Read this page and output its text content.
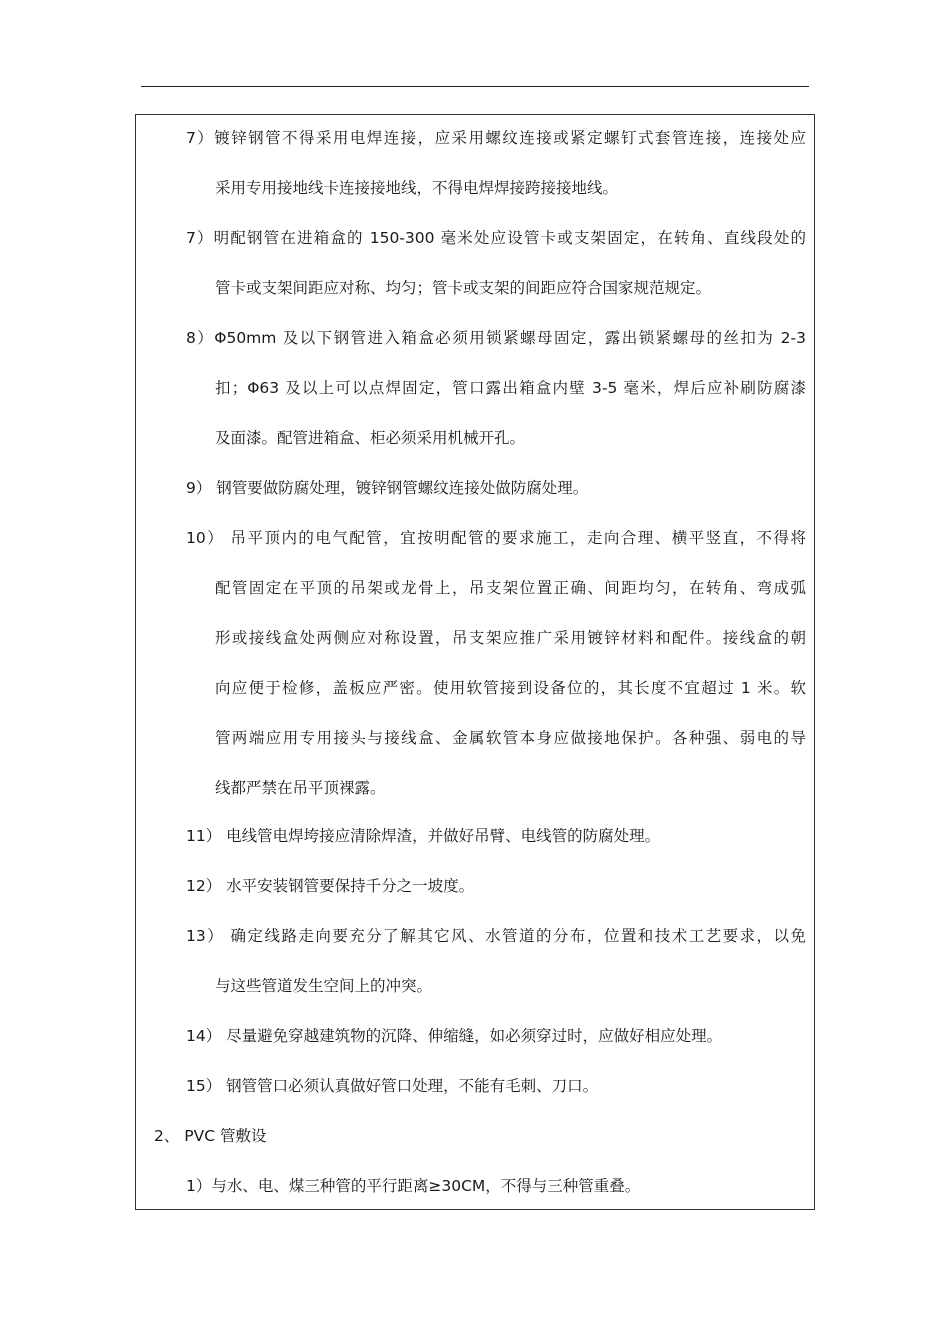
7）镀锌钢管不得采用电焊连接，应采用螺纹连接或紧定螺钉式套管连接，连接处应
采用专用接地线卡连接接地线，不得电焊焊接跨接接地线。
7）明配钢管在进箱盒的 150-300 毫米处应设管卡或支架固定，在转角、直线段处的
管卡或支架间距应对称、均匀；管卡或支架的间距应符合国家规范规定。
8）Φ50mm 及以下钢管进入箱盒必须用锁紧螺母固定，露出锁紧螺母的丝扣为 2-3
扣；Φ63 及以上可以点焊固定，管口露出箱盒内壁 3-5 毫米，焊后应补刷防腐漆
及面漆。配管进箱盒、柜必须采用机械开孔。
9） 钢管要做防腐处理，镀锌钢管螺纹连接处做防腐处理。
10） 吊平顶内的电气配管，宜按明配管的要求施工，走向合理、横平竖直，不得将
配管固定在平顶的吊架或龙骨上，吊支架位置正确、间距均匀，在转角、弯成弧
形或接线盒处两侧应对称设置，吊支架应推广采用镀锌材料和配件。接线盒的朝
向应便于检修，盖板应严密。使用软管接到设备位的，其长度不宜超过 1 米。软
管两端应用专用接头与接线盒、金属软管本身应做接地保护。各种强、弱电的导
线都严禁在吊平顶裸露。
11） 电线管电焊垮接应清除焊渣，并做好吊臂、电线管的防腐处理。
12） 水平安装钢管要保持千分之一坡度。
13） 确定线路走向要充分了解其它风、水管道的分布，位置和技术工艺要求，以免
与这些管道发生空间上的冲突。
14） 尽量避免穿越建筑物的沉降、伸缩缝，如必须穿过时，应做好相应处理。
15） 钢管管口必须认真做好管口处理，不能有毛刺、刀口。
2、 PVC 管敷设
1）与水、电、煤三种管的平行距离≥30CM，不得与三种管重叠。
